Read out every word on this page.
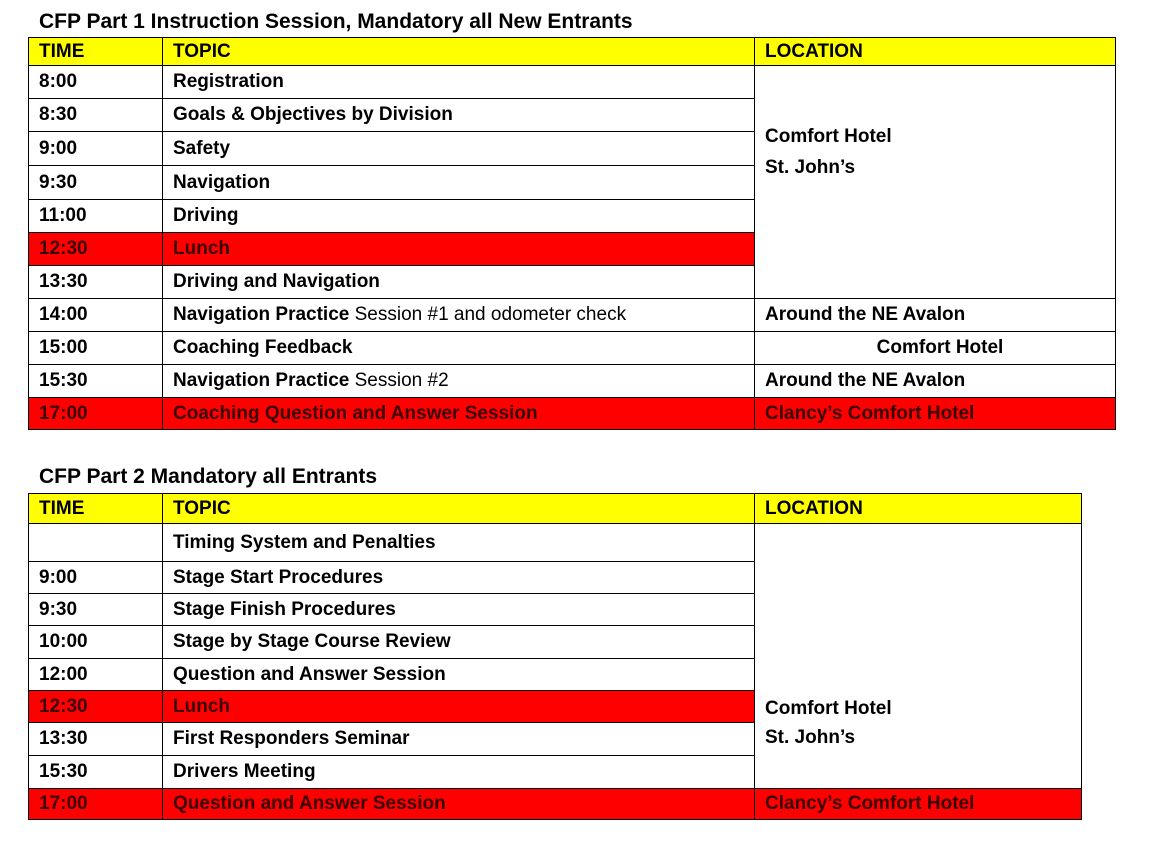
CFP Part 1 Instruction Session, Mandatory all New Entrants
TIME	TOPIC	LOCATION
8:00	Registration	Comfort Hotel
St. John’s

8:30	Goals & Objectives by Division	
9:00	Safety	
9:30	Navigation	
11:00	Driving	
12:30	Lunch	
13:30	Driving and Navigation	
14:00	Navigation Practice Session #1 and odometer check	Around the NE Avalon
15:00	Coaching Feedback	Comfort Hotel
15:30	Navigation Practice Session #2	Around the NE Avalon
17:00	Coaching Question and Answer Session	Clancy’s Comfort Hotel
CFP Part 2 Mandatory all Entrants
TIME	TOPIC	LOCATION
	Timing System and Penalties	Comfort Hotel
St. John’s

9:00	Stage Start Procedures	
9:30	Stage Finish Procedures	
10:00	Stage by Stage Course Review	
12:00	Question and Answer Session	
12:30	Lunch	
13:30	First Responders Seminar	
15:30	Drivers Meeting	
17:00	Question and Answer Session	Clancy’s Comfort Hotel
